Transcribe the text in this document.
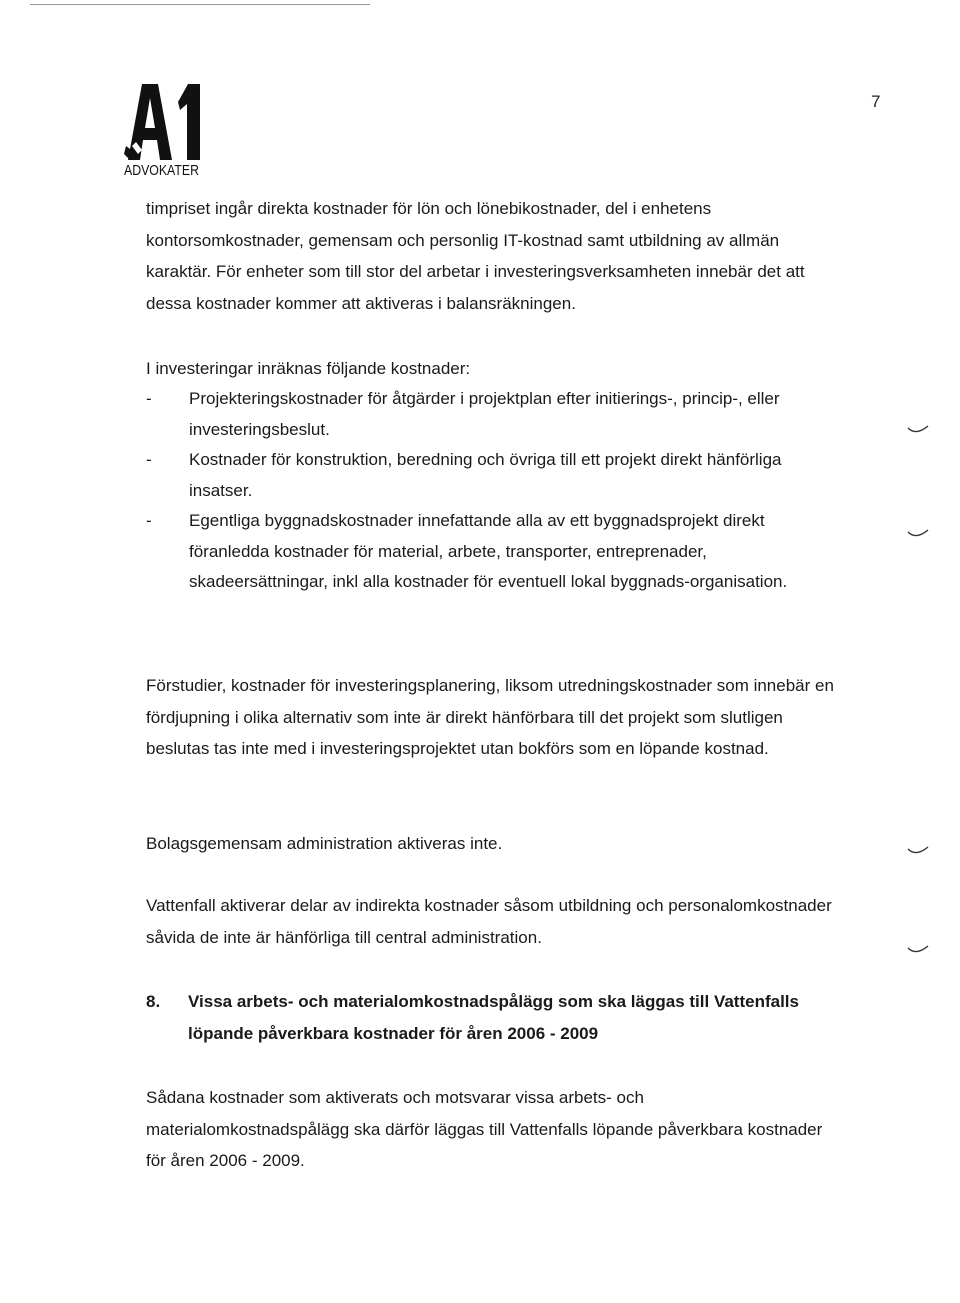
ADVOKATER
7

timpriset ingår direkta kostnader för lön och lönebikostnader, del i enhetens kontorsomkostnader, gemensam och personlig IT-kostnad samt utbildning av allmän karaktär. För enheter som till stor del arbetar i investeringsverksamheten innebär det att dessa kostnader kommer att aktiveras i balansräkningen.

I investeringar inräknas följande kostnader:

- Projekteringskostnader för åtgärder i projektplan efter initierings-, princip-, eller investeringsbeslut.
- Kostnader för konstruktion, beredning och övriga till ett projekt direkt hänförliga insatser.
- Egentliga byggnadskostnader innefattande alla av ett byggnadsprojekt direkt föranledda kostnader för material, arbete, transporter, entreprenader, skadeersättningar, inkl alla kostnader för eventuell lokal byggnads-organisation.

Förstudier, kostnader för investeringsplanering, liksom utredningskostnader som innebär en fördjupning i olika alternativ som inte är direkt hänförbara till det projekt som slutligen beslutas tas inte med i investeringsprojektet utan bokförs som en löpande kostnad.

Bolagsgemensam administration aktiveras inte.

Vattenfall aktiverar delar av indirekta kostnader såsom utbildning och personalomkostnader såvida de inte är hänförliga till central administration.

8.	Vissa arbets- och materialomkostnadspålägg som ska läggas till Vattenfalls löpande påverkbara kostnader för åren 2006 - 2009

Sådana kostnader som aktiverats och motsvarar vissa arbets- och materialomkostnadspålägg ska därför läggas till Vattenfalls löpande påverkbara kostnader för åren 2006 - 2009.
